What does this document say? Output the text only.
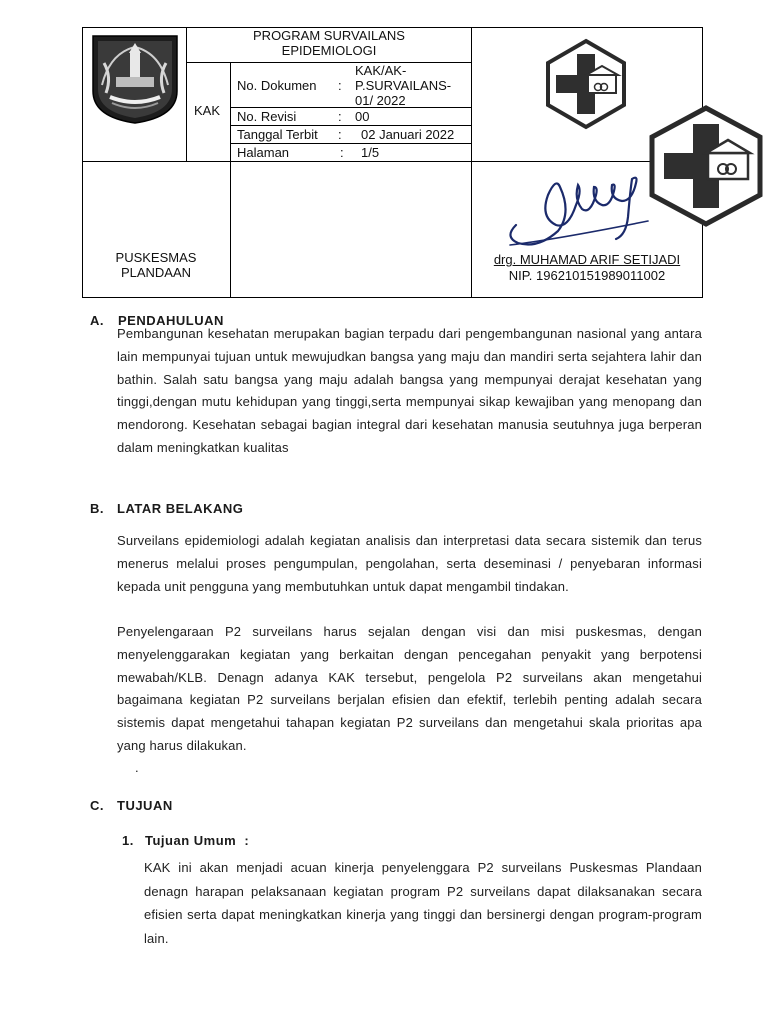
PROGRAM SURVAILANS EPIDEMIOLOGI
KAK
No. Dokumen :
KAK/AK-P.SURVAILANS-01/ 2022
No. Revisi	: 00
Tanggal Terbit : 02 Januari 2022
Halaman	: 1/5
PUSKESMAS PLANDAAN
drg. MUHAMAD ARIF SETIJADI
NIP. 196210151989011002
A. PENDAHULUAN
Pembangunan kesehatan merupakan bagian terpadu dari pengembangunan nasional yang antara lain mempunyai tujuan untuk mewujudkan bangsa yang maju dan mandiri serta sejahtera lahir dan bathin. Salah satu bangsa yang maju adalah bangsa yang mempunyai derajat kesehatan yang tinggi,dengan mutu kehidupan yang tinggi,serta mempunyai sikap kewajiban yang menopang dan mendorong. Kesehatan sebagai bagian integral dari kesehatan manusia seutuhnya juga berperan dalam meningkatkan kualitas
B. LATAR BELAKANG
Surveilans epidemiologi adalah kegiatan analisis dan interpretasi data secara sistemik dan terus menerus melalui proses pengumpulan, pengolahan, serta deseminasi / penyebaran informasi kepada unit pengguna yang membutuhkan untuk dapat mengambil tindakan.
Penyelengaraan P2 surveilans harus sejalan dengan visi dan misi puskesmas, dengan menyelenggarakan kegiatan yang berkaitan dengan pencegahan penyakit yang berpotensi mewabah/KLB. Denagn adanya KAK tersebut, pengelola P2 surveilans akan mengetahui bagaimana kegiatan P2 surveilans berjalan efisien dan efektif, terlebih penting adalah secara sistemis dapat mengetahui tahapan kegiatan P2 surveilans dan mengetahui skala prioritas apa yang harus dilakukan.
.
C. TUJUAN
1. Tujuan Umum  :
KAK ini akan menjadi acuan kinerja penyelenggara P2 surveilans Puskesmas Plandaan denagn harapan pelaksanaan kegiatan program P2 surveilans dapat dilaksanakan secara efisien serta dapat meningkatkan kinerja yang tinggi dan bersinergi dengan program-program lain.
